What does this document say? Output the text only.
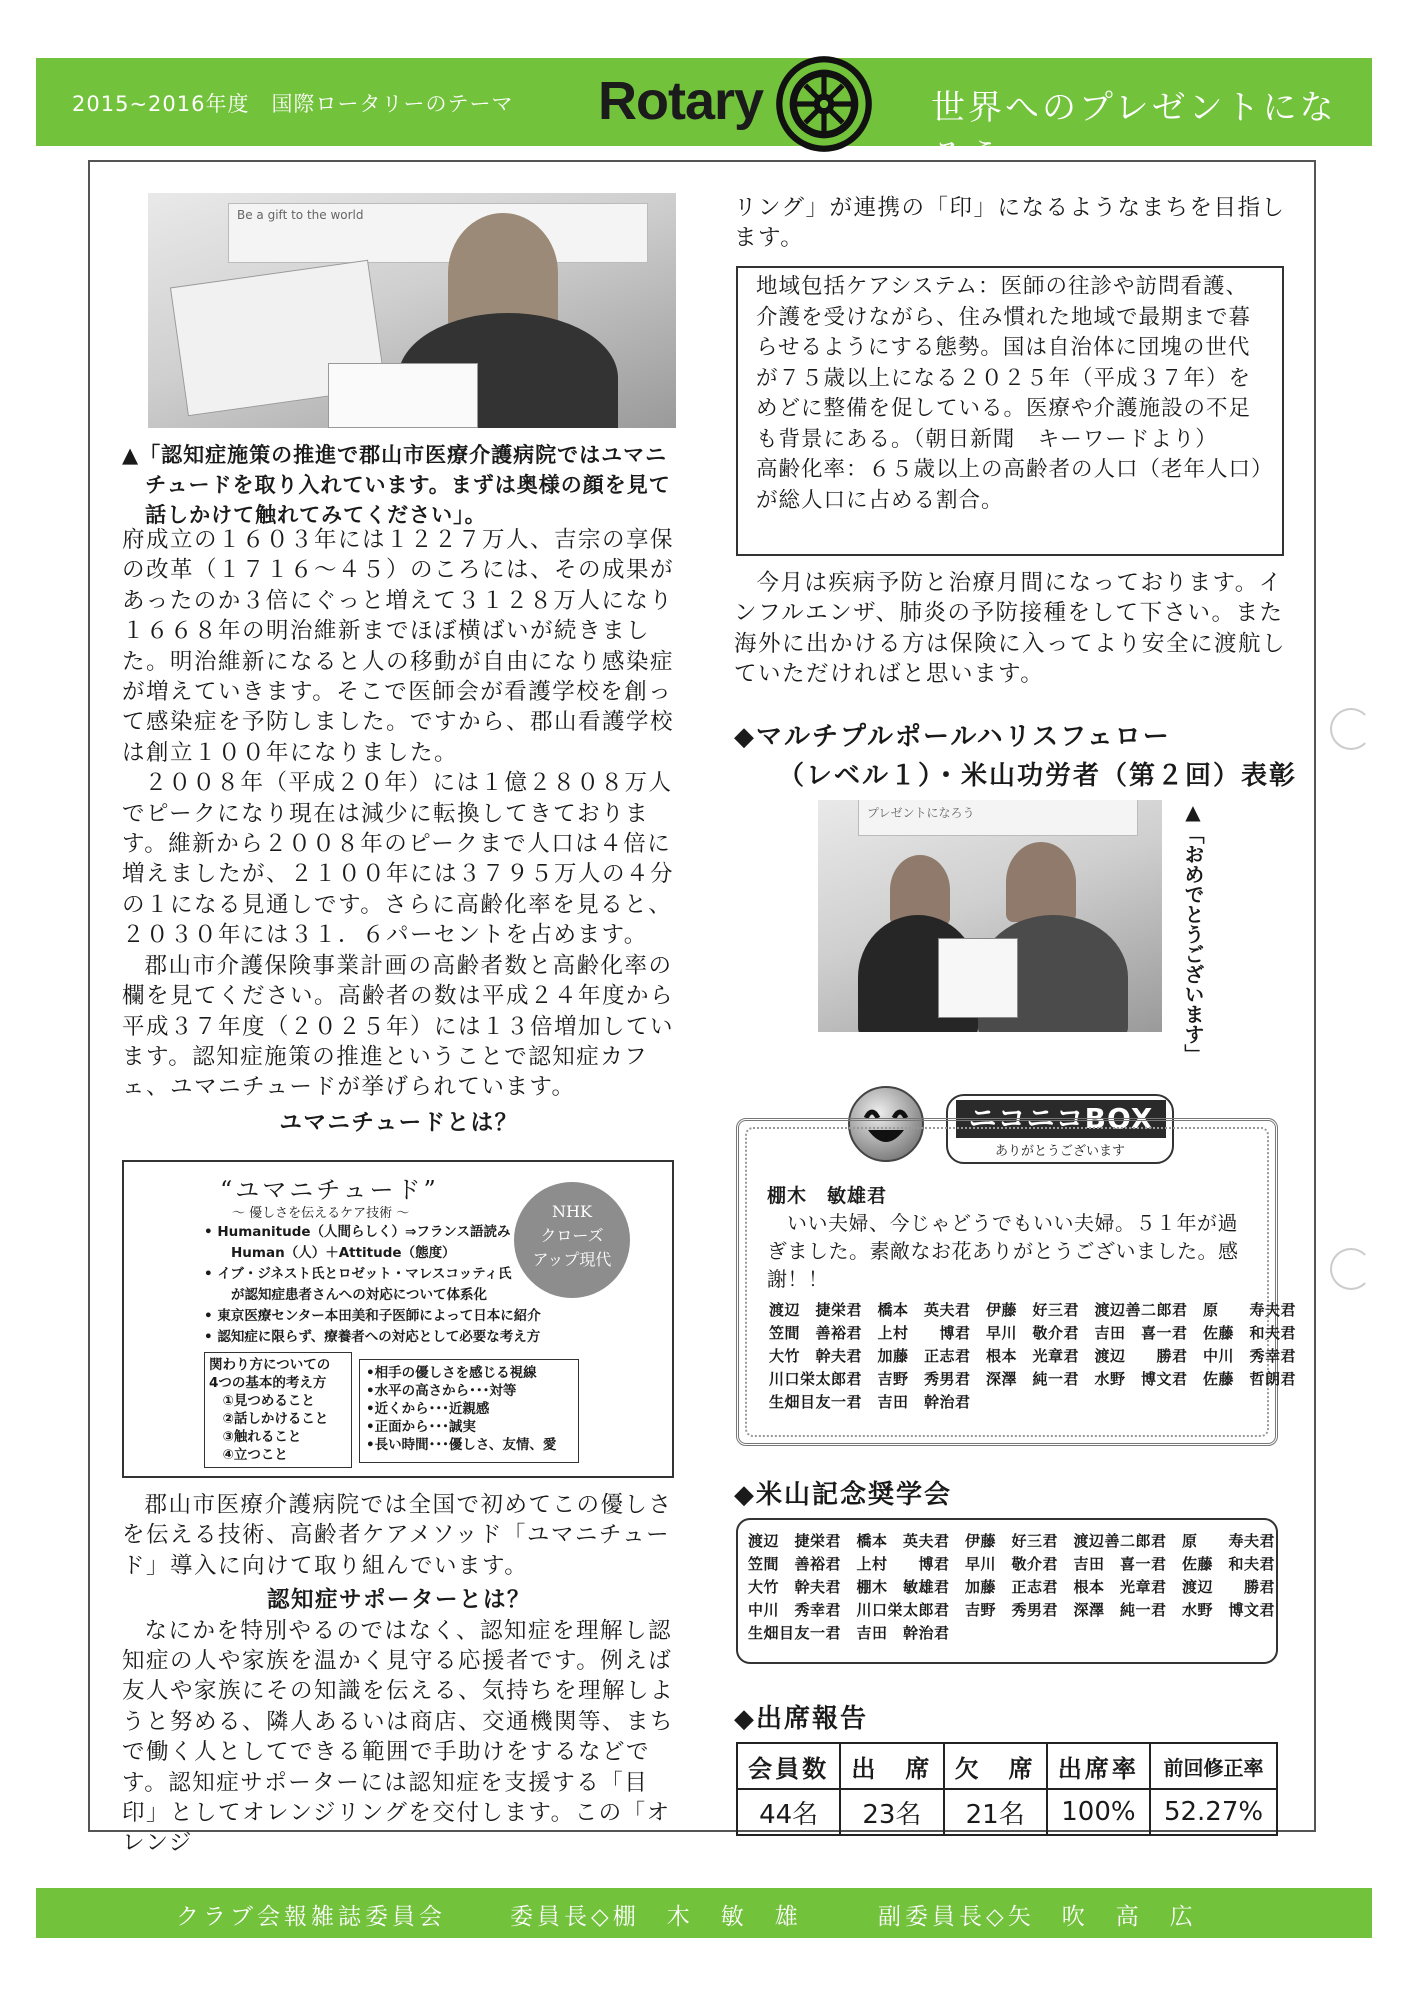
2015~2016年度　国際ロータリーのテーマ Rotary	世界へのプレゼントになろう
Be a gift to the world
▲「認知症施策の推進で郡山市医療介護病院ではユマニチュードを取り入れています。まずは奥様の顔を見て話しかけて触れてみてください」。

府成立の１６０３年には１２２７万人、吉宗の享保の改革（１７１６～４５）のころには、その成果があったのか３倍にぐっと増えて３１２８万人になり１６６８年の明治維新までほぼ横ばいが続きました。明治維新になると人の移動が自由になり感染症が増えていきます。そこで医師会が看護学校を創って感染症を予防しました。ですから、郡山看護学校は創立１００年になりました。

２００８年（平成２０年）には１億２８０８万人でピークになり現在は減少に転換してきております。維新から２００８年のピークまで人口は４倍に増えましたが、２１００年には３７９５万人の４分の１になる見通しです。さらに高齢化率を見ると、２０３０年には３１．６パーセントを占めます。

郡山市介護保険事業計画の高齢者数と高齢化率の欄を見てください。高齢者の数は平成２４年度から平成３７年度（２０２５年）には１３倍増加しています。認知症施策の推進ということで認知症カフェ、ユマニチュードが挙げられています。

ユマニチュードとは？

“ユマニチュード”
～ 優しさを伝えるケア技術 ～
• Humanitude（人間らしく）⇒フランス語読み
　　Human（人）＋Attitude（態度）
• イブ・ジネスト氏とロゼット・マレスコッティ氏
　　が認知症患者さんへの対応について体系化
• 東京医療センター本田美和子医師によって日本に紹介
• 認知症に限らず、療養者への対応として必要な考え方
NHK
クローズ
アップ現代
関わり方についての
4つの基本的考え方
　①見つめること
　②話しかけること
　③触れること
　④立つこと
•相手の優しさを感じる視線
•水平の高さから･･･対等
•近くから･･･近親感
•正面から･･･誠実
•長い時間･･･優しさ、友情、愛

郡山市医療介護病院では全国で初めてこの優しさを伝える技術、高齢者ケアメソッド「ユマニチュード」導入に向けて取り組んでいます。

認知症サポーターとは？

なにかを特別やるのではなく、認知症を理解し認知症の人や家族を温かく見守る応援者です。例えば友人や家族にその知識を伝える、気持ちを理解しようと努める、隣人あるいは商店、交通機関等、まちで働く人としてできる範囲で手助けをするなどです。認知症サポーターには認知症を支援する「目印」としてオレンジリングを交付します。この「オレンジ

リング」が連携の「印」になるようなまちを目指します。

地域包括ケアシステム：医師の往診や訪問看護、介護を受けながら、住み慣れた地域で最期まで暮らせるようにする態勢。国は自治体に団塊の世代が７５歳以上になる２０２５年（平成３７年）をめどに整備を促している。医療や介護施設の不足も背景にある。（朝日新聞　キーワードより）

高齢化率：６５歳以上の高齢者の人口（老年人口）が総人口に占める割合。

今月は疾病予防と治療月間になっております。インフルエンザ、肺炎の予防接種をして下さい。また海外に出かける方は保険に入ってより安全に渡航していただければと思います。

◆マルチプルポールハリスフェロー
（レベル１）・米山功労者（第２回）表彰
プレゼントになろう	▲「おめでとうございます」
ニコニコBOX
ありがとうございます
棚木　敏雄君
いい夫婦、今じゃどうでもいい夫婦。５１年が過ぎました。素敵なお花ありがとうございました。感謝！！
渡辺　捷栄君　橋本　英夫君　伊藤　好三君　渡辺善二郎君　原　　寿夫君
笠間　善裕君　上村　　博君　早川　敬介君　吉田　喜一君　佐藤　和夫君
大竹　幹夫君　加藤　正志君　根本　光章君　渡辺　　勝君　中川　秀幸君
川口栄太郎君　吉野　秀男君　深澤　純一君　水野　博文君　佐藤　哲朗君
生畑目友一君　吉田　幹治君
◆米山記念奨学会
渡辺　捷栄君　橋本　英夫君　伊藤　好三君　渡辺善二郎君　原　　寿夫君
笠間　善裕君　上村　　博君　早川　敬介君　吉田　喜一君　佐藤　和夫君
大竹　幹夫君　棚木　敏雄君　加藤　正志君　根本　光章君　渡辺　　勝君
中川　秀幸君　川口栄太郎君　吉野　秀男君　深澤　純一君　水野　博文君
生畑目友一君　吉田　幹治君
◆出席報告
会員数	出　席	欠　席	出席率	前回修正率
44名	23名	21名	100%	52.27%
クラブ会報雑誌委員会	委員長◇棚　木　敏　雄	副委員長◇矢　吹　高　広
